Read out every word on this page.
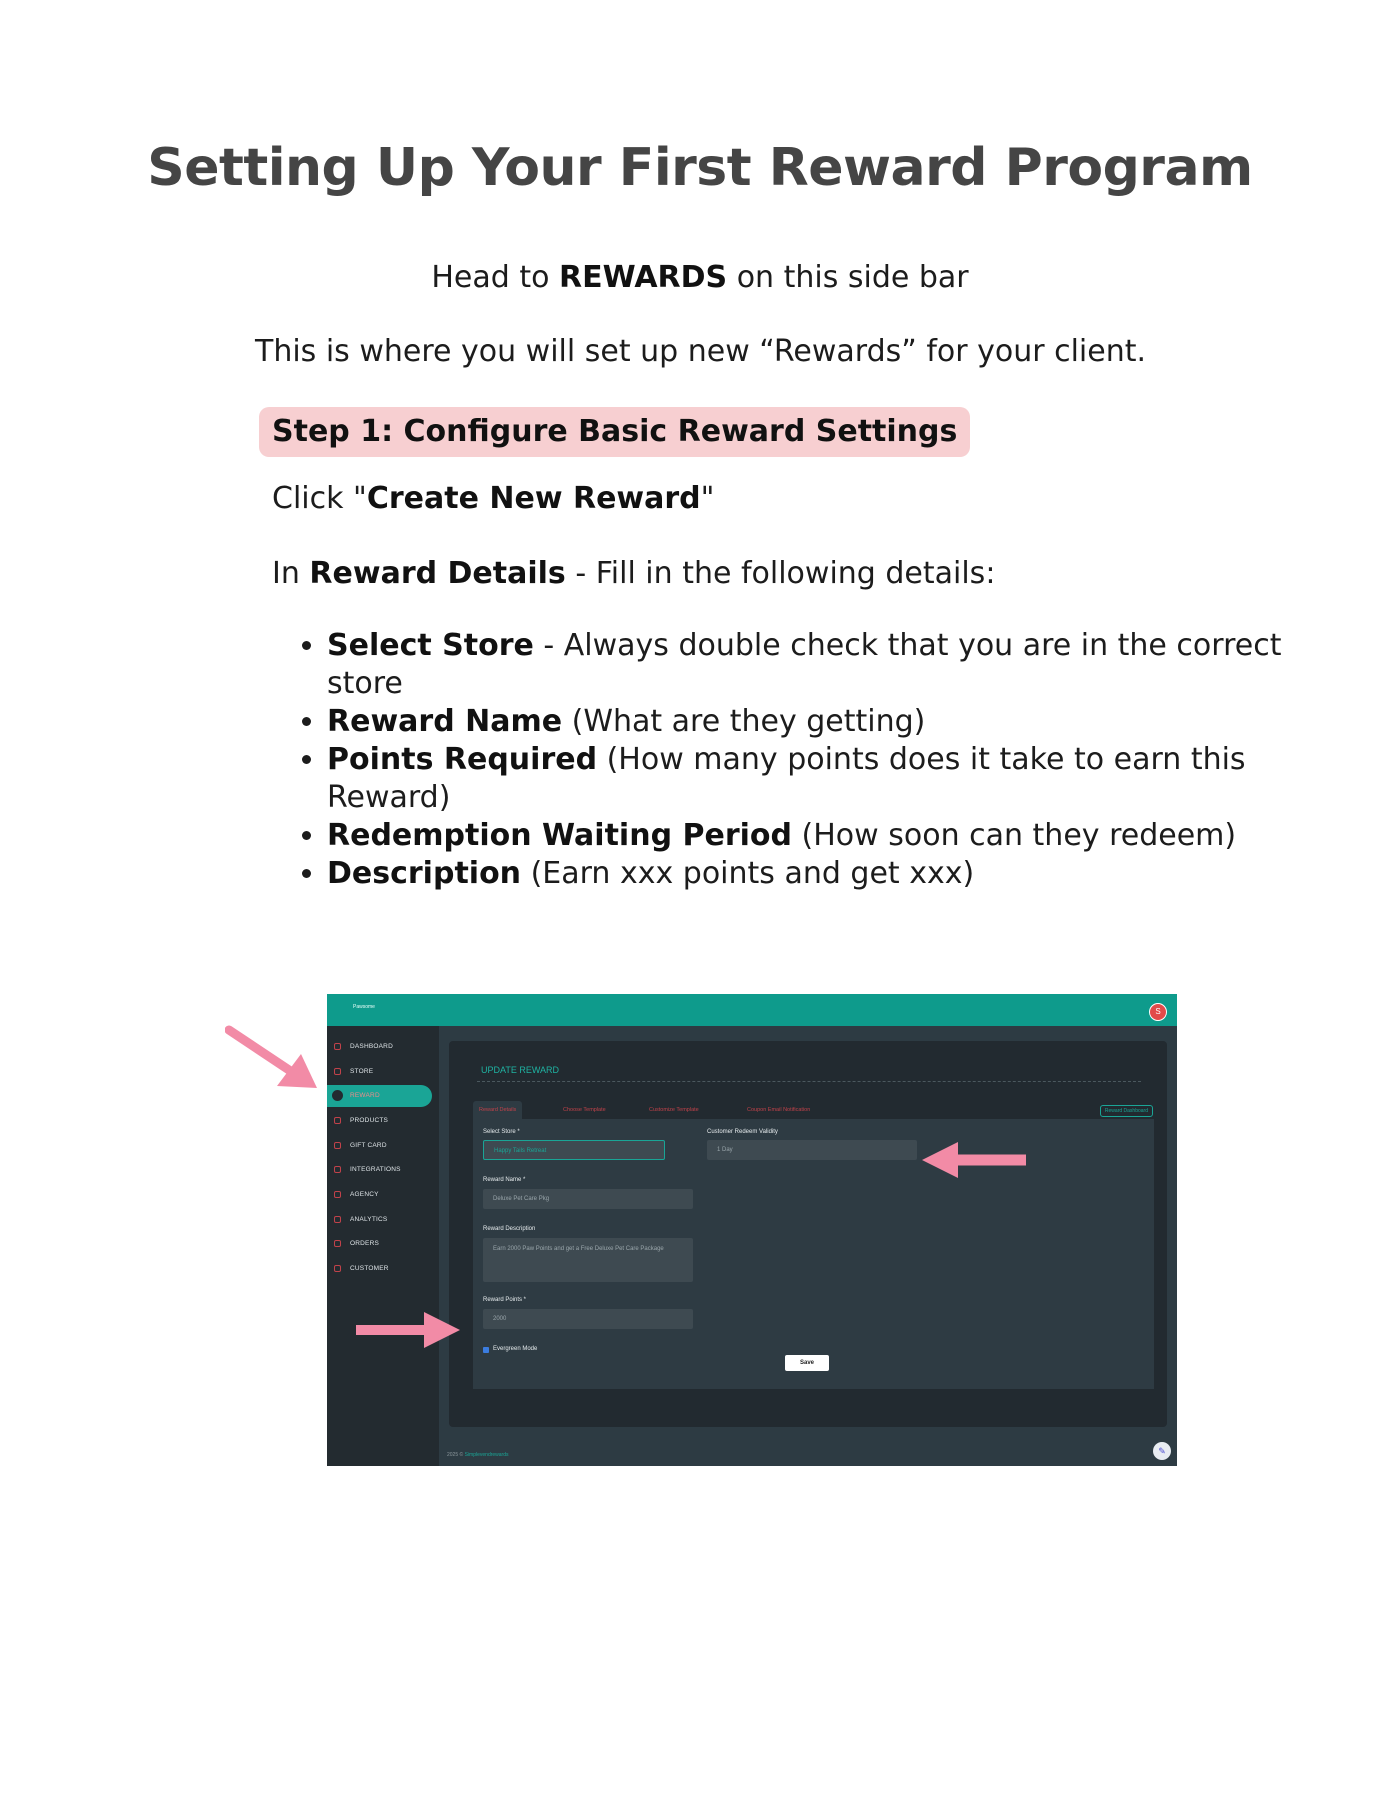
Setting Up Your First Reward Program
Head to REWARDS on this side bar
This is where you will set up new “Rewards” for your client.
Step 1: Configure Basic Reward Settings
Click "Create New Reward"
In Reward Details - Fill in the following details:
• Select Store - Always double check that you are in the correct store
• Reward Name (What are they getting)
• Points Required (How many points does it take to earn this Reward)
• Redemption Waiting Period (How soon can they redeem)
• Description (Earn xxx points and get xxx)
Pawsome	S
DASHBOARD
STORE
REWARD
PRODUCTS
GIFT CARD
INTEGRATIONS
AGENCY
ANALYTICS
ORDERS
CUSTOMER
UPDATE REWARD
Reward Details	Choose Template	Customize Template	Coupon Email Notification	Reward Dashboard
Select Store *
Happy Tails Retreat
Customer Redeem Validity
1 Day
Reward Name *
Deluxe Pet Care Pkg
Reward Description
Earn 2000 Paw Points and get a Free Deluxe Pet Care Package
Reward Points *
2000
Evergreen Mode
Save
2025 © Simplevendrewards	✎
